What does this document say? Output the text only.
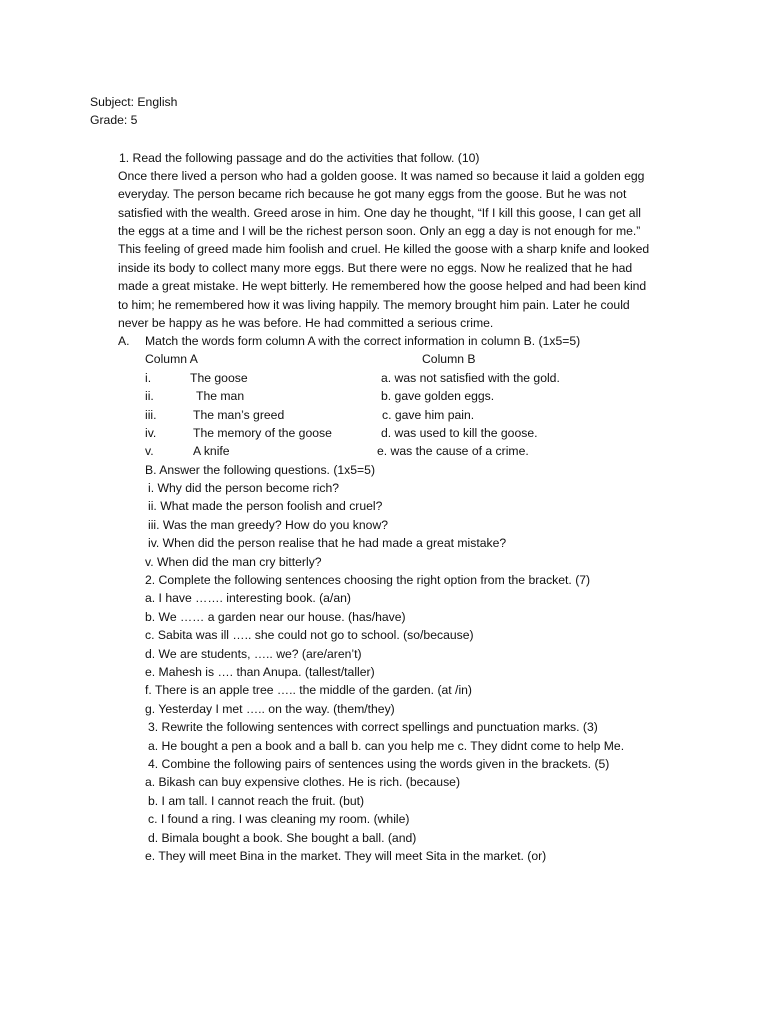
Subject: English
Grade: 5
1. Read the following passage and do the activities that follow. (10)
Once there lived a person who had a golden goose. It was named so because it laid a golden egg
everyday. The person became rich because he got many eggs from the goose. But he was not
satisfied with the wealth. Greed arose in him. One day he thought, “If I kill this goose, I can get all
the eggs at a time and I will be the richest person soon. Only an egg a day is not enough for me.”
This feeling of greed made him foolish and cruel. He killed the goose with a sharp knife and looked
inside its body to collect many more eggs. But there were no eggs. Now he realized that he had
made a great mistake. He wept bitterly. He remembered how the goose helped and had been kind
to him; he remembered how it was living happily. The memory brought him pain. Later he could
never be happy as he was before. He had committed a serious crime.
A. Match the words form column A with the correct information in column B. (1x5=5)
Column A	Column B
i.	The goose	a. was not satisfied with the gold.
ii.	The man	b. gave golden eggs.
iii.	The man’s greed	c. gave him pain.
iv.	The memory of the goose	d. was used to kill the goose.
v.	A knife	e. was the cause of a crime.
B. Answer the following questions. (1x5=5)
i. Why did the person become rich?
ii. What made the person foolish and cruel?
iii. Was the man greedy? How do you know?
iv. When did the person realise that he had made a great mistake?
v. When did the man cry bitterly?
2. Complete the following sentences choosing the right option from the bracket. (7)
a. I have ……. interesting book. (a/an)
b. We …… a garden near our house. (has/have)
c. Sabita was ill ….. she could not go to school. (so/because)
d. We are students, ….. we? (are/aren’t)
e. Mahesh is …. than Anupa. (tallest/taller)
f. There is an apple tree ….. the middle of the garden. (at /in)
g. Yesterday I met ….. on the way. (them/they)
3. Rewrite the following sentences with correct spellings and punctuation marks. (3)
a. He bought a pen a book and a ball b. can you help me c. They didnt come to help Me.
4. Combine the following pairs of sentences using the words given in the brackets. (5)
a. Bikash can buy expensive clothes. He is rich. (because)
b. I am tall. I cannot reach the fruit. (but)
c. I found a ring. I was cleaning my room. (while)
d. Bimala bought a book. She bought a ball. (and)
e. They will meet Bina in the market. They will meet Sita in the market. (or)
